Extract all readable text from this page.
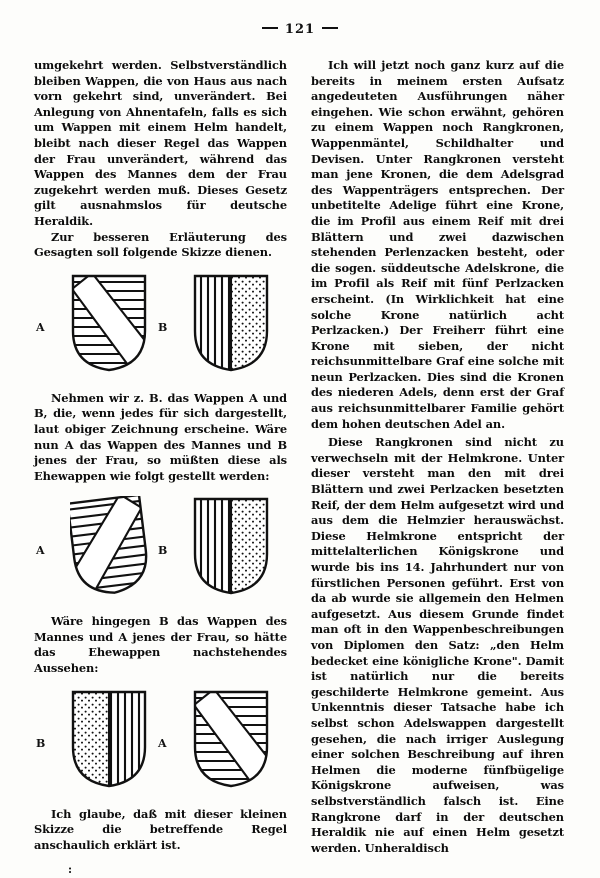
121

umgekehrt werden. Selbstverständlich bleiben Wappen, die von Haus aus nach vorn gekehrt sind, unverändert. Bei Anlegung von Ahnentafeln, falls es sich um Wappen mit einem Helm handelt, bleibt nach dieser Regel das Wappen der Frau unverändert, während das Wappen des Mannes dem der Frau zugekehrt werden muß. Dieses Gesetz gilt ausnahmslos für deutsche Heraldik.

Zur besseren Erläuterung des Gesagten soll folgende Skizze dienen.

A	B

Nehmen wir z. B. das Wappen A und B, die, wenn jedes für sich dargestellt, laut obiger Zeichnung erscheine. Wäre nun A das Wappen des Mannes und B jenes der Frau, so müßten diese als Ehewappen wie folgt gestellt werden:

A	B

Wäre hingegen B das Wappen des Mannes und A jenes der Frau, so hätte das Ehewappen nachstehendes Aussehen:

B	A

Ich glaube, daß mit dieser kleinen Skizze die betreffende Regel anschaulich erklärt ist.

:

Ich will jetzt noch ganz kurz auf die bereits in meinem ersten Aufsatz angedeuteten Ausführungen näher eingehen. Wie schon erwähnt, gehören zu einem Wappen noch Rangkronen, Wappenmäntel, Schildhalter und Devisen. Unter Rangkronen versteht man jene Kronen, die dem Adelsgrad des Wappenträgers entsprechen. Der unbetitelte Adelige führt eine Krone, die im Profil aus einem Reif mit drei Blättern und zwei dazwischen stehenden Perlenzacken besteht, oder die sogen. süddeutsche Adelskrone, die im Profil als Reif mit fünf Perlzacken erscheint. (In Wirklichkeit hat eine solche Krone natürlich acht Perlzacken.) Der Freiherr führt eine Krone mit sieben, der nicht reichsunmittelbare Graf eine solche mit neun Perlzacken. Dies sind die Kronen des niederen Adels, denn erst der Graf aus reichsunmittelbarer Familie gehört dem hohen deutschen Adel an.

Diese Rangkronen sind nicht zu verwechseln mit der Helmkrone. Unter dieser versteht man den mit drei Blättern und zwei Perlzacken besetzten Reif, der dem Helm aufgesetzt wird und aus dem die Helmzier herauswächst. Diese Helmkrone entspricht der mittelalterlichen Königskrone und wurde bis ins 14. Jahrhundert nur von fürstlichen Personen geführt. Erst von da ab wurde sie allgemein den Helmen aufgesetzt. Aus diesem Grunde findet man oft in den Wappenbeschreibungen von Diplomen den Satz: „den Helm bedecket eine königliche Krone". Damit ist natürlich nur die bereits geschilderte Helmkrone gemeint. Aus Unkenntnis dieser Tatsache habe ich selbst schon Adelswappen dargestellt gesehen, die nach irriger Auslegung einer solchen Beschreibung auf ihren Helmen die moderne fünfbügelige Königskrone aufweisen, was selbstverständlich falsch ist. Eine Rangkrone darf in der deutschen Heraldik nie auf einen Helm gesetzt werden. Unheraldisch
